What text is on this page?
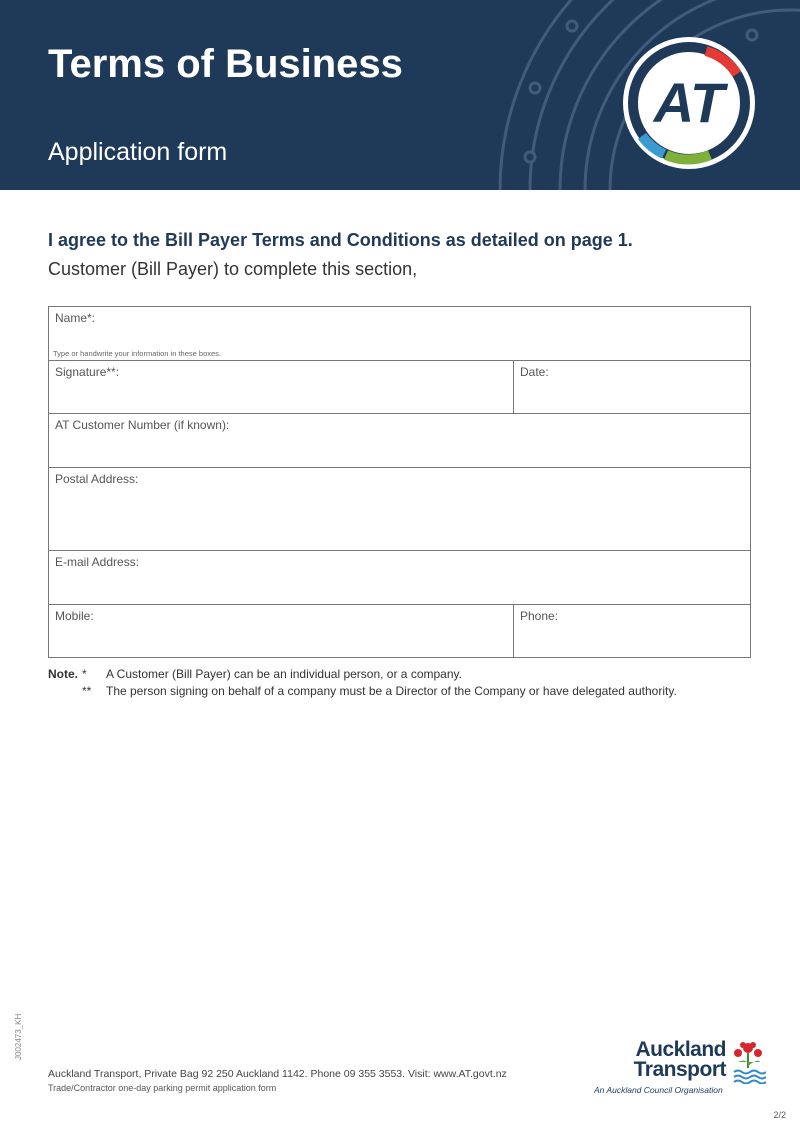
Terms of Business
Application form
AT
I agree to the Bill Payer Terms and Conditions as detailed on page 1.
Customer (Bill Payer) to complete this section,
Name*:
Type or handwrite your information in these boxes.
Signature**:	Date:
AT Customer Number (if known):
Postal Address:
E-mail Address:
Mobile:	Phone:
Note. * A Customer (Bill Payer) can be an individual person, or a company.
** The person signing on behalf of a company must be a Director of the Company or have delegated authority.
J002473_KH
Auckland Transport, Private Bag 92 250 Auckland 1142. Phone 09 355 3553. Visit: www.AT.govt.nz
Trade/Contractor one-day parking permit application form
Auckland Transport
An Auckland Council Organisation
2/2
